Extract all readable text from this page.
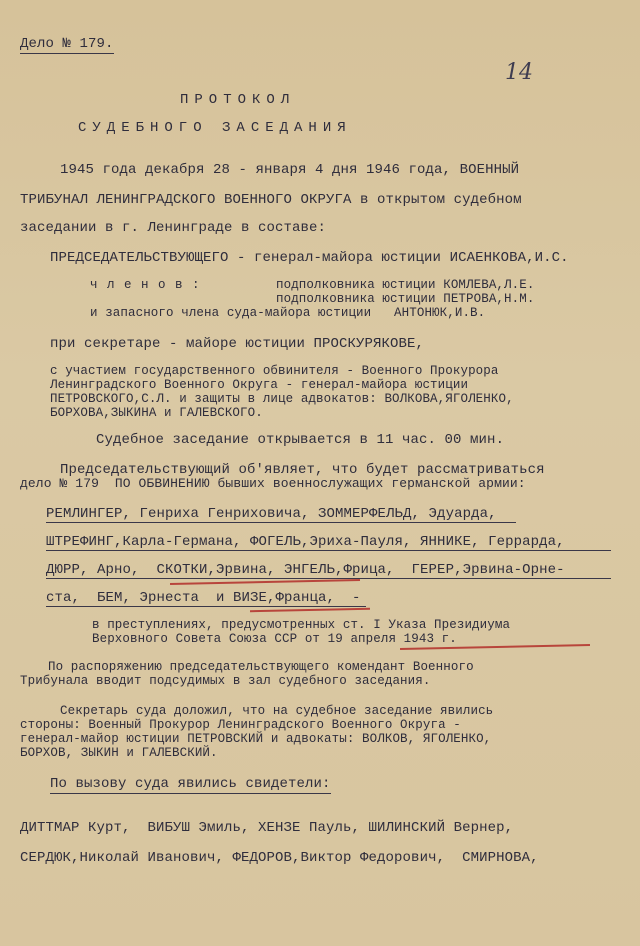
Дело № 179.
14
ПРОТОКОЛ
СУДЕБНОГО ЗАСЕДАНИЯ
1945 года декабря 28 - января 4 дня 1946 года, ВОЕННЫЙ
ТРИБУНАЛ ЛЕНИНГРАДСКОГО ВОЕННОГО ОКРУГА в открытом судебном
заседании в г. Ленинграде в составе:
ПРЕДСЕДАТЕЛЬСТВУЮЩЕГО - генерал-майора юстиции ИСАЕНКОВА,И.С.
ч л е н о в :	подполковника юстиции КОМЛЕВА,Л.Е.
подполковника юстиции ПЕТРОВА,Н.М.
и запасного члена суда-майора юстиции   АНТОНЮК,И.В.
при секретаре - майоре юстиции ПРОСКУРЯКОВЕ,
с участием государственного обвинителя - Военного Прокурора
Ленинградского Военного Округа - генерал-майора юстиции
ПЕТРОВСКОГО,С.Л. и защиты в лице адвокатов: ВОЛКОВА,ЯГОЛЕНКО,
БОРХОВА,ЗЫКИНА и ГАЛЕВСКОГО.
Судебное заседание открывается в 11 час. 00 мин.
Председательствующий об'являет, что будет рассматриваться
дело № 179  ПО ОБВИНЕНИЮ бывших военнослужащих германской армии:
РЕМЛИНГЕР, Генриха Генриховича, ЗОММЕРФЕЛЬД, Эдуарда,
ШТРЕФИНГ,Карла-Германа, ФОГЕЛЬ,Эриха-Пауля, ЯННИКЕ, Геррарда,
ДЮРР, Арно,  СКОТКИ,Эрвина, ЭНГЕЛЬ,Фрица,  ГЕРЕР,Эрвина-Орне-
ста,  БЕМ, Эрнеста  и ВИЗЕ,Франца,  -
в преступлениях, предусмотренных ст. I Указа Президиума
Верховного Совета Союза ССР от 19 апреля 1943 г.
По распоряжению председательствующего комендант Военного
Трибунала вводит подсудимых в зал судебного заседания.
Секретарь суда доложил, что на судебное заседание явились
стороны: Военный Прокурор Ленинградского Военного Округа -
генерал-майор юстиции ПЕТРОВСКИЙ и адвокаты: ВОЛКОВ, ЯГОЛЕНКО,
БОРХОВ, ЗЫКИН и ГАЛЕВСКИЙ.
По вызову суда явились свидетели:
ДИТТМАР Курт,  ВИБУШ Эмиль, ХЕНЗЕ Пауль, ШИЛИНСКИЙ Вернер,
СЕРДЮК,Николай Иванович, ФЕДОРОВ,Виктор Федорович,  СМИРНОВА,
